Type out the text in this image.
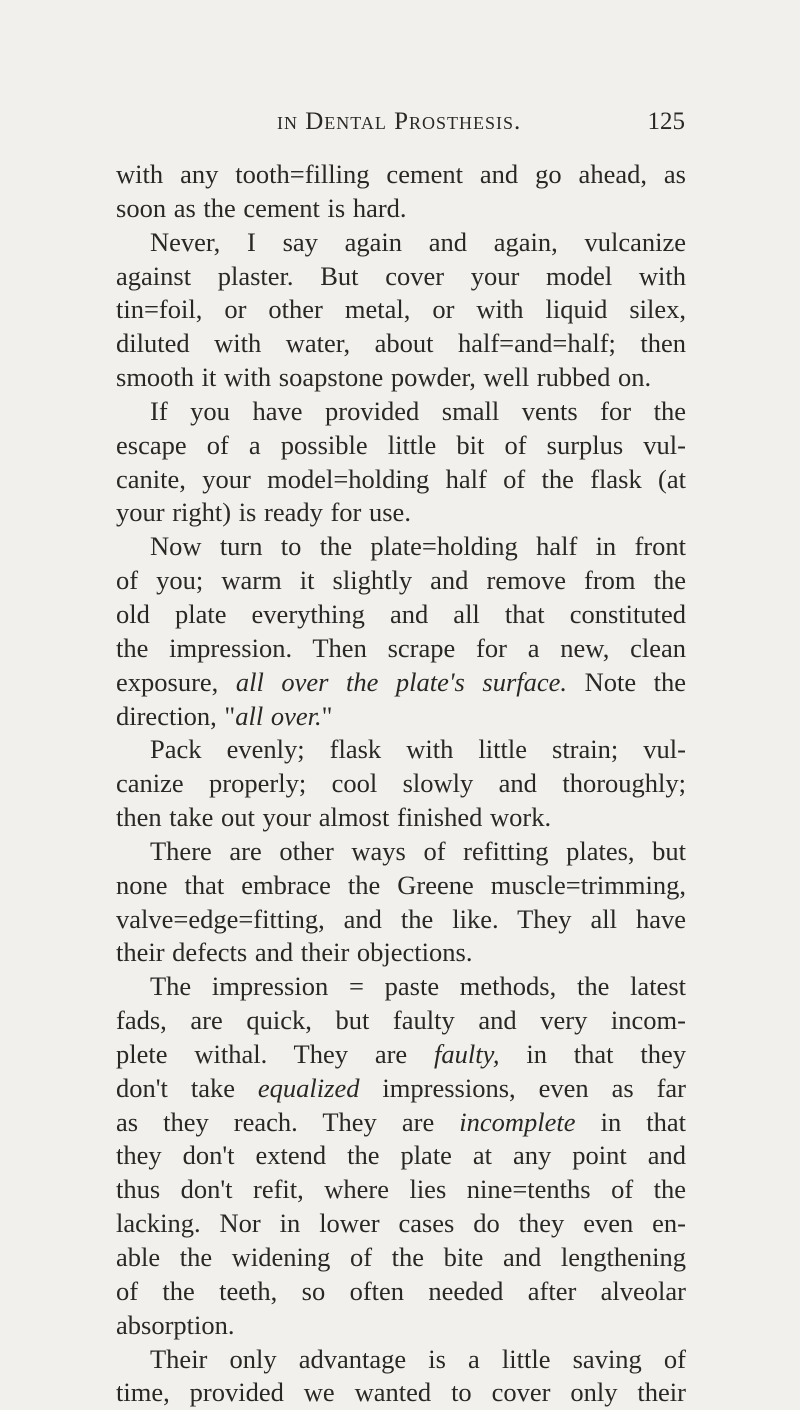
in Dental Prosthesis.	125
with any tooth=filling cement and go ahead, as
soon as the cement is hard.
Never, I say again and again, vulcanize
against plaster. But cover your model with
tin=foil, or other metal, or with liquid silex,
diluted with water, about half=and=half; then
smooth it with soapstone powder, well rubbed on.
If you have provided small vents for the
escape of a possible little bit of surplus vul-
canite, your model=holding half of the flask (at
your right) is ready for use.
Now turn to the plate=holding half in front
of you; warm it slightly and remove from the
old plate everything and all that constituted
the impression. Then scrape for a new, clean
exposure, all over the plate's surface. Note the
direction, "all over."
Pack evenly; flask with little strain; vul-
canize properly; cool slowly and thoroughly;
then take out your almost finished work.
There are other ways of refitting plates, but
none that embrace the Greene muscle=trimming,
valve=edge=fitting, and the like. They all have
their defects and their objections.
The impression = paste methods, the latest
fads, are quick, but faulty and very incom-
plete withal. They are faulty, in that they
don't take equalized impressions, even as far
as they reach. They are incomplete in that
they don't extend the plate at any point and
thus don't refit, where lies nine=tenths of the
lacking. Nor in lower cases do they even en-
able the widening of the bite and lengthening
of the teeth, so often needed after alveolar
absorption.
Their only advantage is a little saving of
time, provided we wanted to cover only their
